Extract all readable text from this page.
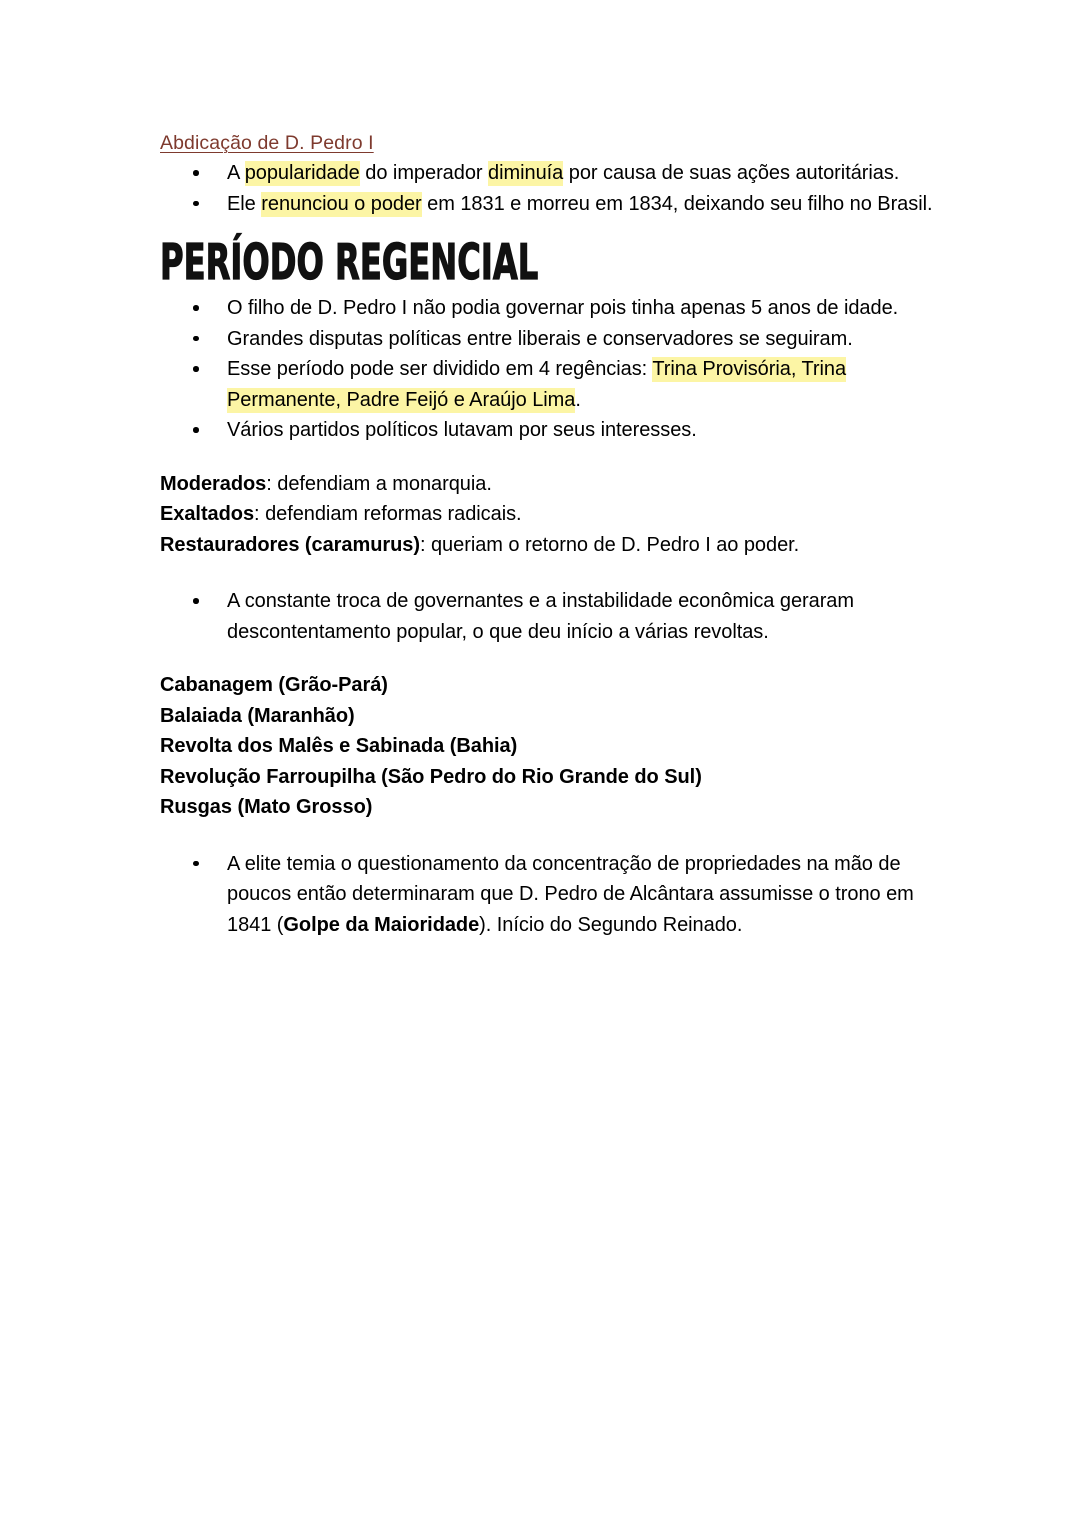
Abdicação de D. Pedro I
A popularidade do imperador diminuía por causa de suas ações autoritárias.
Ele renunciou o poder em 1831 e morreu em 1834, deixando seu filho no Brasil.
PERÍODO REGENCIAL
O filho de D. Pedro I não podia governar pois tinha apenas 5 anos de idade.
Grandes disputas políticas entre liberais e conservadores se seguiram.
Esse período pode ser dividido em 4 regências: Trina Provisória, Trina Permanente, Padre Feijó e Araújo Lima.
Vários partidos políticos lutavam por seus interesses.
Moderados: defendiam a monarquia.
Exaltados: defendiam reformas radicais.
Restauradores (caramurus): queriam o retorno de D. Pedro I ao poder.
A constante troca de governantes e a instabilidade econômica geraram descontentamento popular, o que deu início a várias revoltas.
Cabanagem (Grão-Pará)
Balaiada (Maranhão)
Revolta dos Malês e Sabinada (Bahia)
Revolução Farroupilha (São Pedro do Rio Grande do Sul)
Rusgas (Mato Grosso)
A elite temia o questionamento da concentração de propriedades na mão de poucos então determinaram que D. Pedro de Alcântara assumisse o trono em 1841 (Golpe da Maioridade). Início do Segundo Reinado.
